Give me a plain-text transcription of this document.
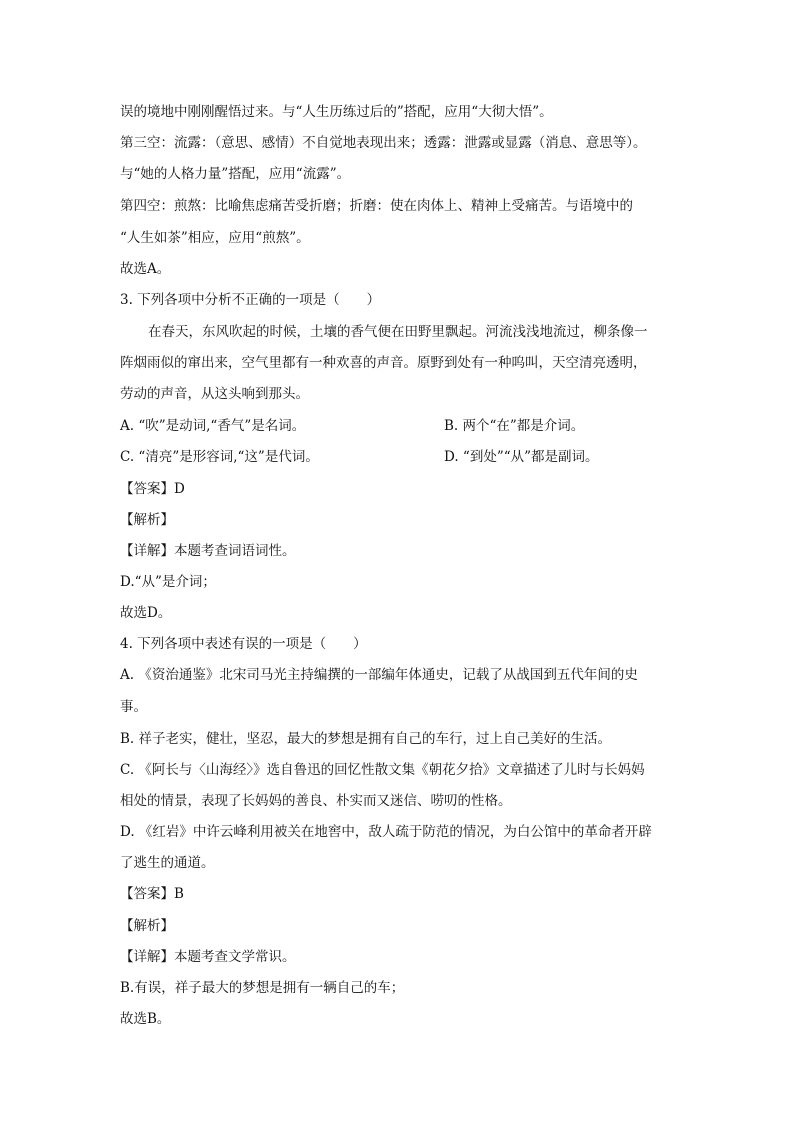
误的境地中刚刚醒悟过来。与“人生历练过后的”搭配，应用“大彻大悟”。
第三空：流露：（意思、感情）不自觉地表现出来；透露：泄露或显露（消息、意思等）。
与“她的人格力量”搭配，应用“流露”。
第四空：煎熬：比喻焦虑痛苦受折磨；折磨：使在肉体上、精神上受痛苦。与语境中的
“人生如茶”相应，应用“煎熬”。
故选A。
3. 下列各项中分析不正确的一项是（　　）
在春天，东风吹起的时候，土壤的香气便在田野里飘起。河流浅浅地流过，柳条像一
阵烟雨似的窜出来，空气里都有一种欢喜的声音。原野到处有一种呜叫，天空清亮透明，
劳动的声音，从这头响到那头。
A. “吹”是动词,“香气”是名词。	B. 两个“在”都是介词。
C. “清亮”是形容词,“这”是代词。	D. “到处”“从”都是副词。
【答案】D
【解析】
【详解】本题考查词语词性。
D.“从”是介词；
故选D。
4. 下列各项中表述有误的一项是（　　）
A. 《资治通鉴》北宋司马光主持编撰的一部编年体通史，记载了从战国到五代年间的史
事。
B. 祥子老实，健壮，坚忍，最大的梦想是拥有自己的车行，过上自己美好的生活。
C. 《阿长与〈山海经〉》选自鲁迅的回忆性散文集《朝花夕拾》文章描述了儿时与长妈妈
相处的情景，表现了长妈妈的善良、朴实而又迷信、唠叨的性格。
D. 《红岩》中许云峰利用被关在地窖中，敌人疏于防范的情况，为白公馆中的革命者开辟
了逃生的通道。
【答案】B
【解析】
【详解】本题考查文学常识。
B.有误，祥子最大的梦想是拥有一辆自己的车；
故选B。
